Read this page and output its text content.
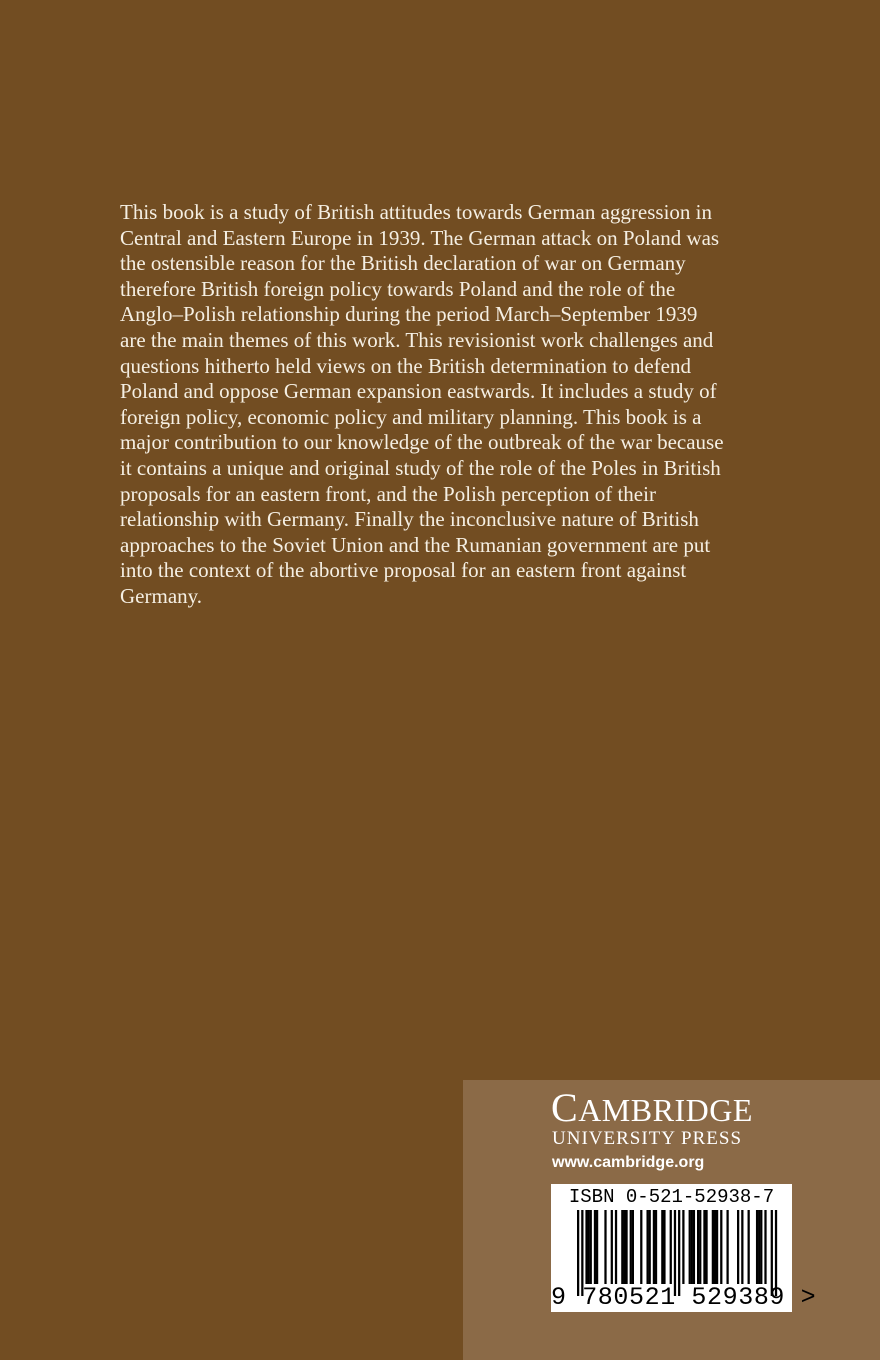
This book is a study of British attitudes towards German aggression in
Central and Eastern Europe in 1939. The German attack on Poland was
the ostensible reason for the British declaration of war on Germany
therefore British foreign policy towards Poland and the role of the
Anglo–Polish relationship during the period March–September 1939
are the main themes of this work. This revisionist work challenges and
questions hitherto held views on the British determination to defend
Poland and oppose German expansion eastwards. It includes a study of
foreign policy, economic policy and military planning. This book is a
major contribution to our knowledge of the outbreak of the war because
it contains a unique and original study of the role of the Poles in British
proposals for an eastern front, and the Polish perception of their
relationship with Germany. Finally the inconclusive nature of British
approaches to the Soviet Union and the Rumanian government are put
into the context of the abortive proposal for an eastern front against
Germany.
CAMBRIDGE
UNIVERSITY PRESS
www.cambridge.org
ISBN 0-521-52938-7
9 780521 529389 >
